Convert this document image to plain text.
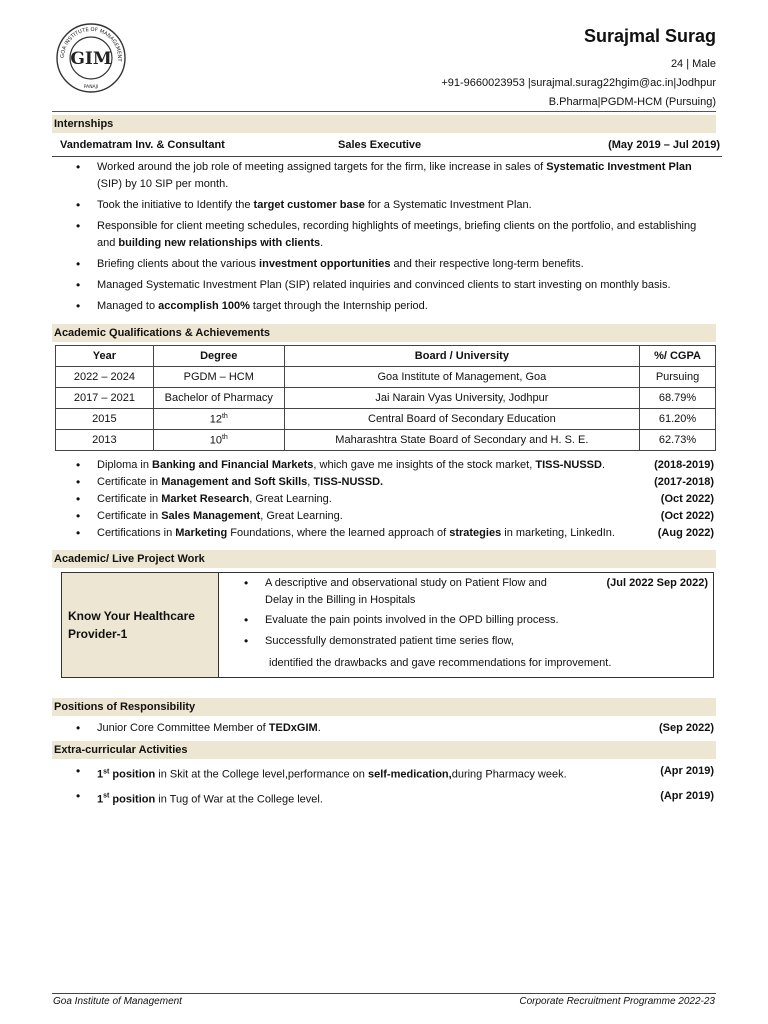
GOA INSTITUTE OF MANAGEMENT
GIM
PANAJI
Surajmal Surag
24 | Male
+91-9660023953 |surajmal.surag22hgim@ac.in|Jodhpur
B.Pharma|PGDM-HCM (Pursuing)
Internships
Vandematram Inv. & Consultant	Sales Executive	(May 2019 – Jul 2019)
• Worked around the job role of meeting assigned targets for the firm, like increase in sales of Systematic Investment Plan (SIP) by 10 SIP per month.
• Took the initiative to Identify the target customer base for a Systematic Investment Plan.
• Responsible for client meeting schedules, recording highlights of meetings, briefing clients on the portfolio, and establishing and building new relationships with clients.
• Briefing clients about the various investment opportunities and their respective long-term benefits.
• Managed Systematic Investment Plan (SIP) related inquiries and convinced clients to start investing on monthly basis.
• Managed to accomplish 100% target through the Internship period.
Academic Qualifications & Achievements
Year	Degree	Board / University	%/ CGPA
2022 – 2024	PGDM – HCM	Goa Institute of Management, Goa	Pursuing
2017 – 2021	Bachelor of Pharmacy	Jai Narain Vyas University, Jodhpur	68.79%
2015	12th	Central Board of Secondary Education	61.20%
2013	10th	Maharashtra State Board of Secondary and H. S. E.	62.73%
• Diploma in Banking and Financial Markets, which gave me insights of the stock market, TISS-NUSSD.	(2018-2019)
• Certificate in Management and Soft Skills, TISS-NUSSD.	(2017-2018)
• Certificate in Market Research, Great Learning.	(Oct 2022)
• Certificate in Sales Management, Great Learning.	(Oct 2022)
• Certifications in Marketing Foundations, where the learned approach of strategies in marketing, LinkedIn.	(Aug 2022)
Academic/ Live Project Work
Know Your Healthcare Provider-1
• A descriptive and observational study on Patient Flow and Delay in the Billing in Hospitals
(Jul 2022 Sep 2022)
• Evaluate the pain points involved in the OPD billing process.
• Successfully demonstrated patient time series flow,
identified the drawbacks and gave recommendations for improvement.
Positions of Responsibility
• Junior Core Committee Member of TEDxGIM.	(Sep 2022)
Extra-curricular Activities
• 1st position in Skit at the College level,performance on self-medication,during Pharmacy week.	(Apr 2019)
• 1st position in Tug of War at the College level.	(Apr 2019)
Goa Institute of Management	Corporate Recruitment Programme 2022-23
